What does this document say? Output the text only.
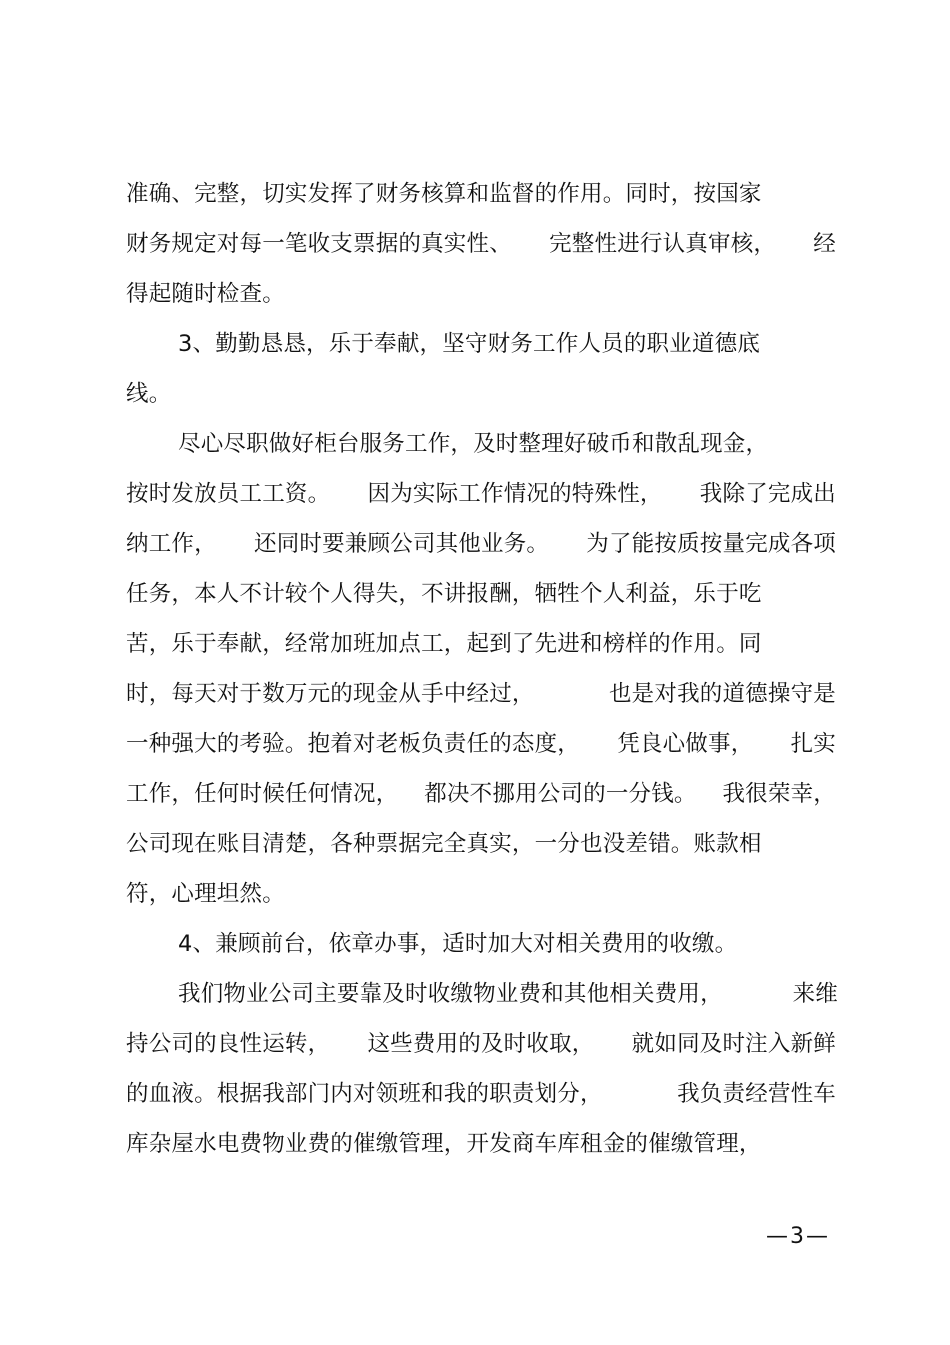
准确、完整，切实发挥了财务核算和监督的作用。同时，按国家
财务规定对每一笔收支票据的真实性、 完整性进行认真审核， 经
得起随时检查。
3、勤勤恳恳，乐于奉献，坚守财务工作人员的职业道德底
线。
尽心尽职做好柜台服务工作，及时整理好破币和散乱现金，
按时发放员工工资。 因为实际工作情况的特殊性， 我除了完成出
纳工作， 还同时要兼顾公司其他业务。 为了能按质按量完成各项
任务，本人不计较个人得失，不讲报酬，牺牲个人利益，乐于吃
苦，乐于奉献，经常加班加点工，起到了先进和榜样的作用。同
时，每天对于数万元的现金从手中经过，	也是对我的道德操守是
一种强大的考验。抱着对老板负责任的态度， 凭良心做事， 扎实
工作，任何时候任何情况， 都决不挪用公司的一分钱。 我很荣幸，
公司现在账目清楚，各种票据完全真实，一分也没差错。账款相
符，心理坦然。
4、兼顾前台，依章办事，适时加大对相关费用的收缴。
我们物业公司主要靠及时收缴物业费和其他相关费用，	来维
持公司的良性运转， 这些费用的及时收取， 就如同及时注入新鲜
的血液。根据我部门内对领班和我的职责划分，	我负责经营性车
库杂屋水电费物业费的催缴管理，开发商车库租金的催缴管理，
—3—
